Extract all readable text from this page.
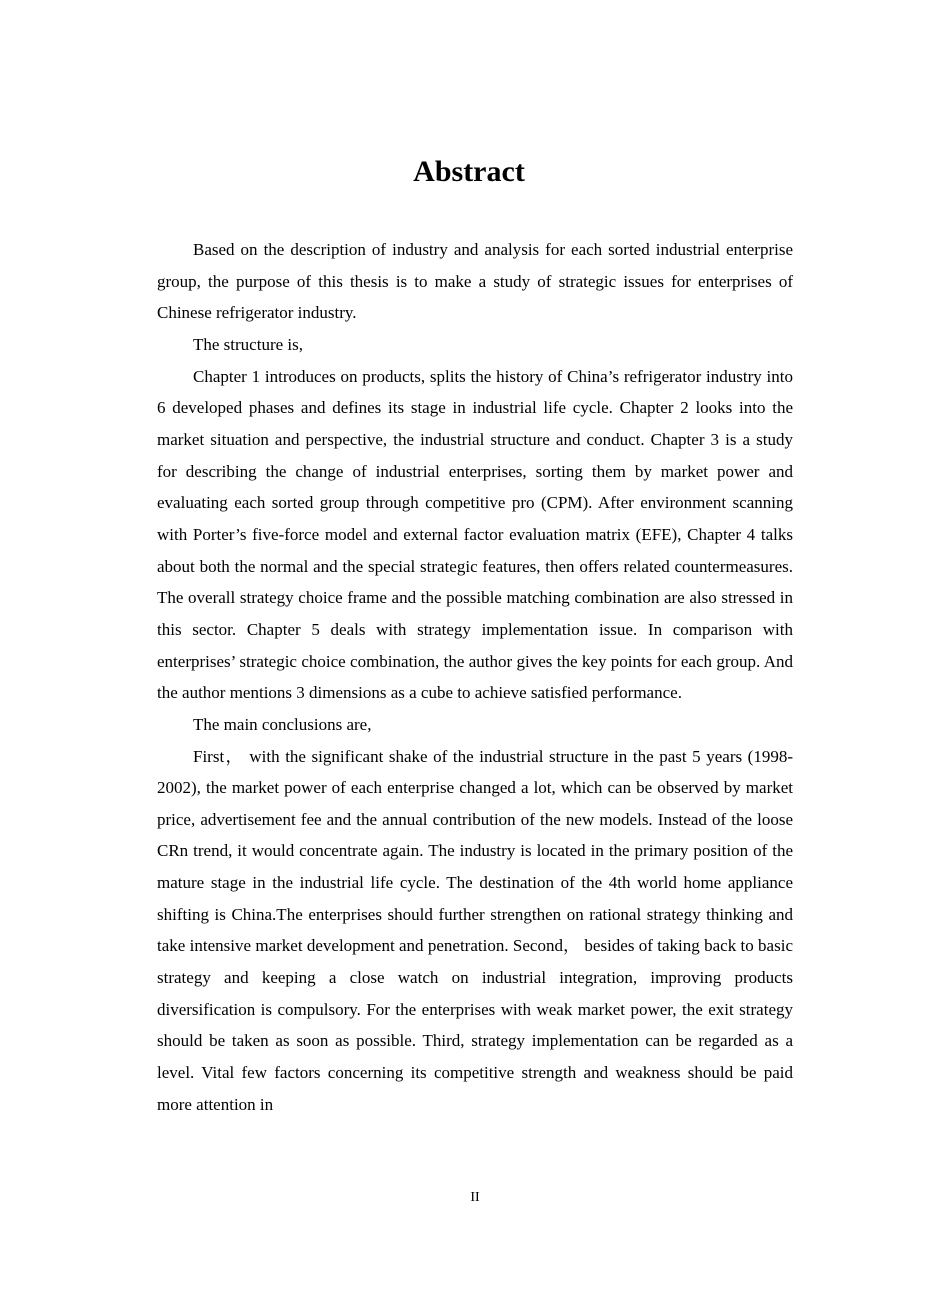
Abstract

Based on the description of industry and analysis for each sorted industrial enterprise group, the purpose of this thesis is to make a study of strategic issues for enterprises of Chinese refrigerator industry.

The structure is,

Chapter 1 introduces on products, splits the history of China’s refrigerator industry into 6 developed phases and defines its stage in industrial life cycle. Chapter 2 looks into the market situation and perspective, the industrial structure and conduct. Chapter 3 is a study for describing the change of industrial enterprises, sorting them by market power and evaluating each sorted group through competitive pro (CPM). After environment scanning with Porter’s five-force model and external factor evaluation matrix (EFE), Chapter 4 talks about both the normal and the special strategic features, then offers related countermeasures. The overall strategy choice frame and the possible matching combination are also stressed in this sector. Chapter 5 deals with strategy implementation issue. In comparison with enterprises’ strategic choice combination, the author gives the key points for each group. And the author mentions 3 dimensions as a cube to achieve satisfied performance.

The main conclusions are,

First， with the significant shake of the industrial structure in the past 5 years (1998-2002), the market power of each enterprise changed a lot, which can be observed by market price, advertisement fee and the annual contribution of the new models. Instead of the loose CRn trend, it would concentrate again. The industry is located in the primary position of the mature stage in the industrial life cycle. The destination of the 4th world home appliance shifting is China.The enterprises should further strengthen on rational strategy thinking and take intensive market development and penetration. Second， besides of taking back to basic strategy and keeping a close watch on industrial integration, improving products diversification is compulsory. For the enterprises with weak market power, the exit strategy should be taken as soon as possible. Third, strategy implementation can be regarded as a level. Vital few factors concerning its competitive strength and weakness should be paid more attention in

II
